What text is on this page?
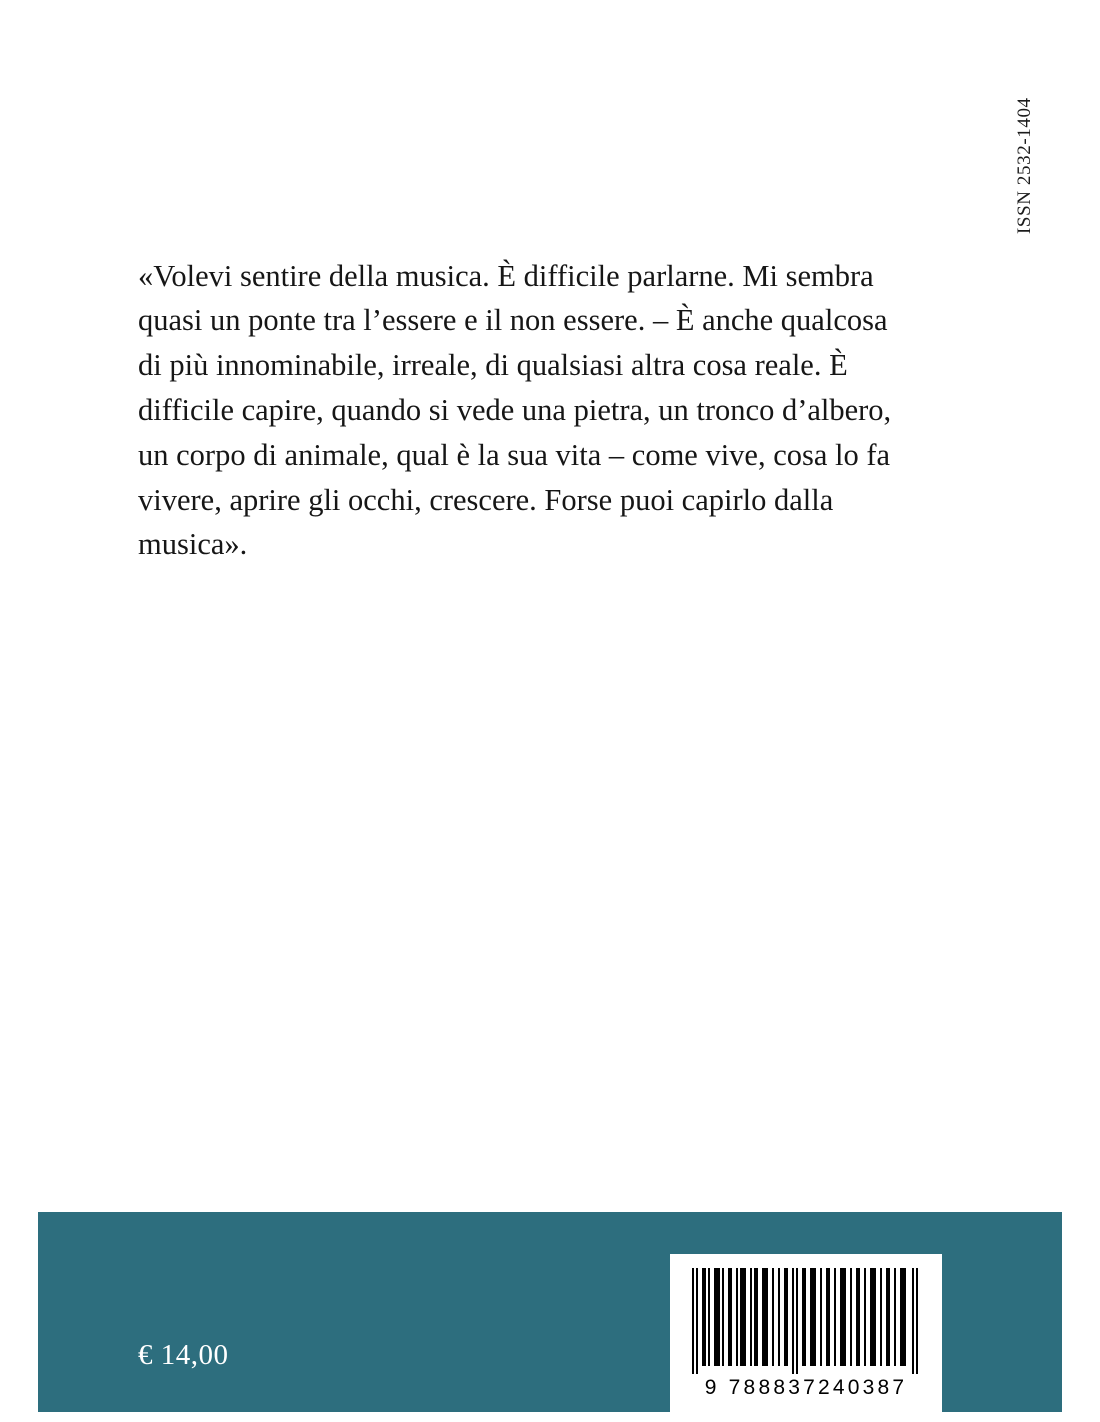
ISSN 2532-1404

«Volevi sentire della musica. È difficile parlarne. Mi sembra quasi un ponte tra l’essere e il non essere. – È anche qualcosa di più innominabile, irreale, di qualsiasi altra cosa reale. È difficile capire, quando si vede una pietra, un tronco d’albero, un corpo di animale, qual è la sua vita – come vive, cosa lo fa vivere, aprire gli occhi, crescere. Forse puoi capirlo dalla musica».

€ 14,00
9 788837240387
